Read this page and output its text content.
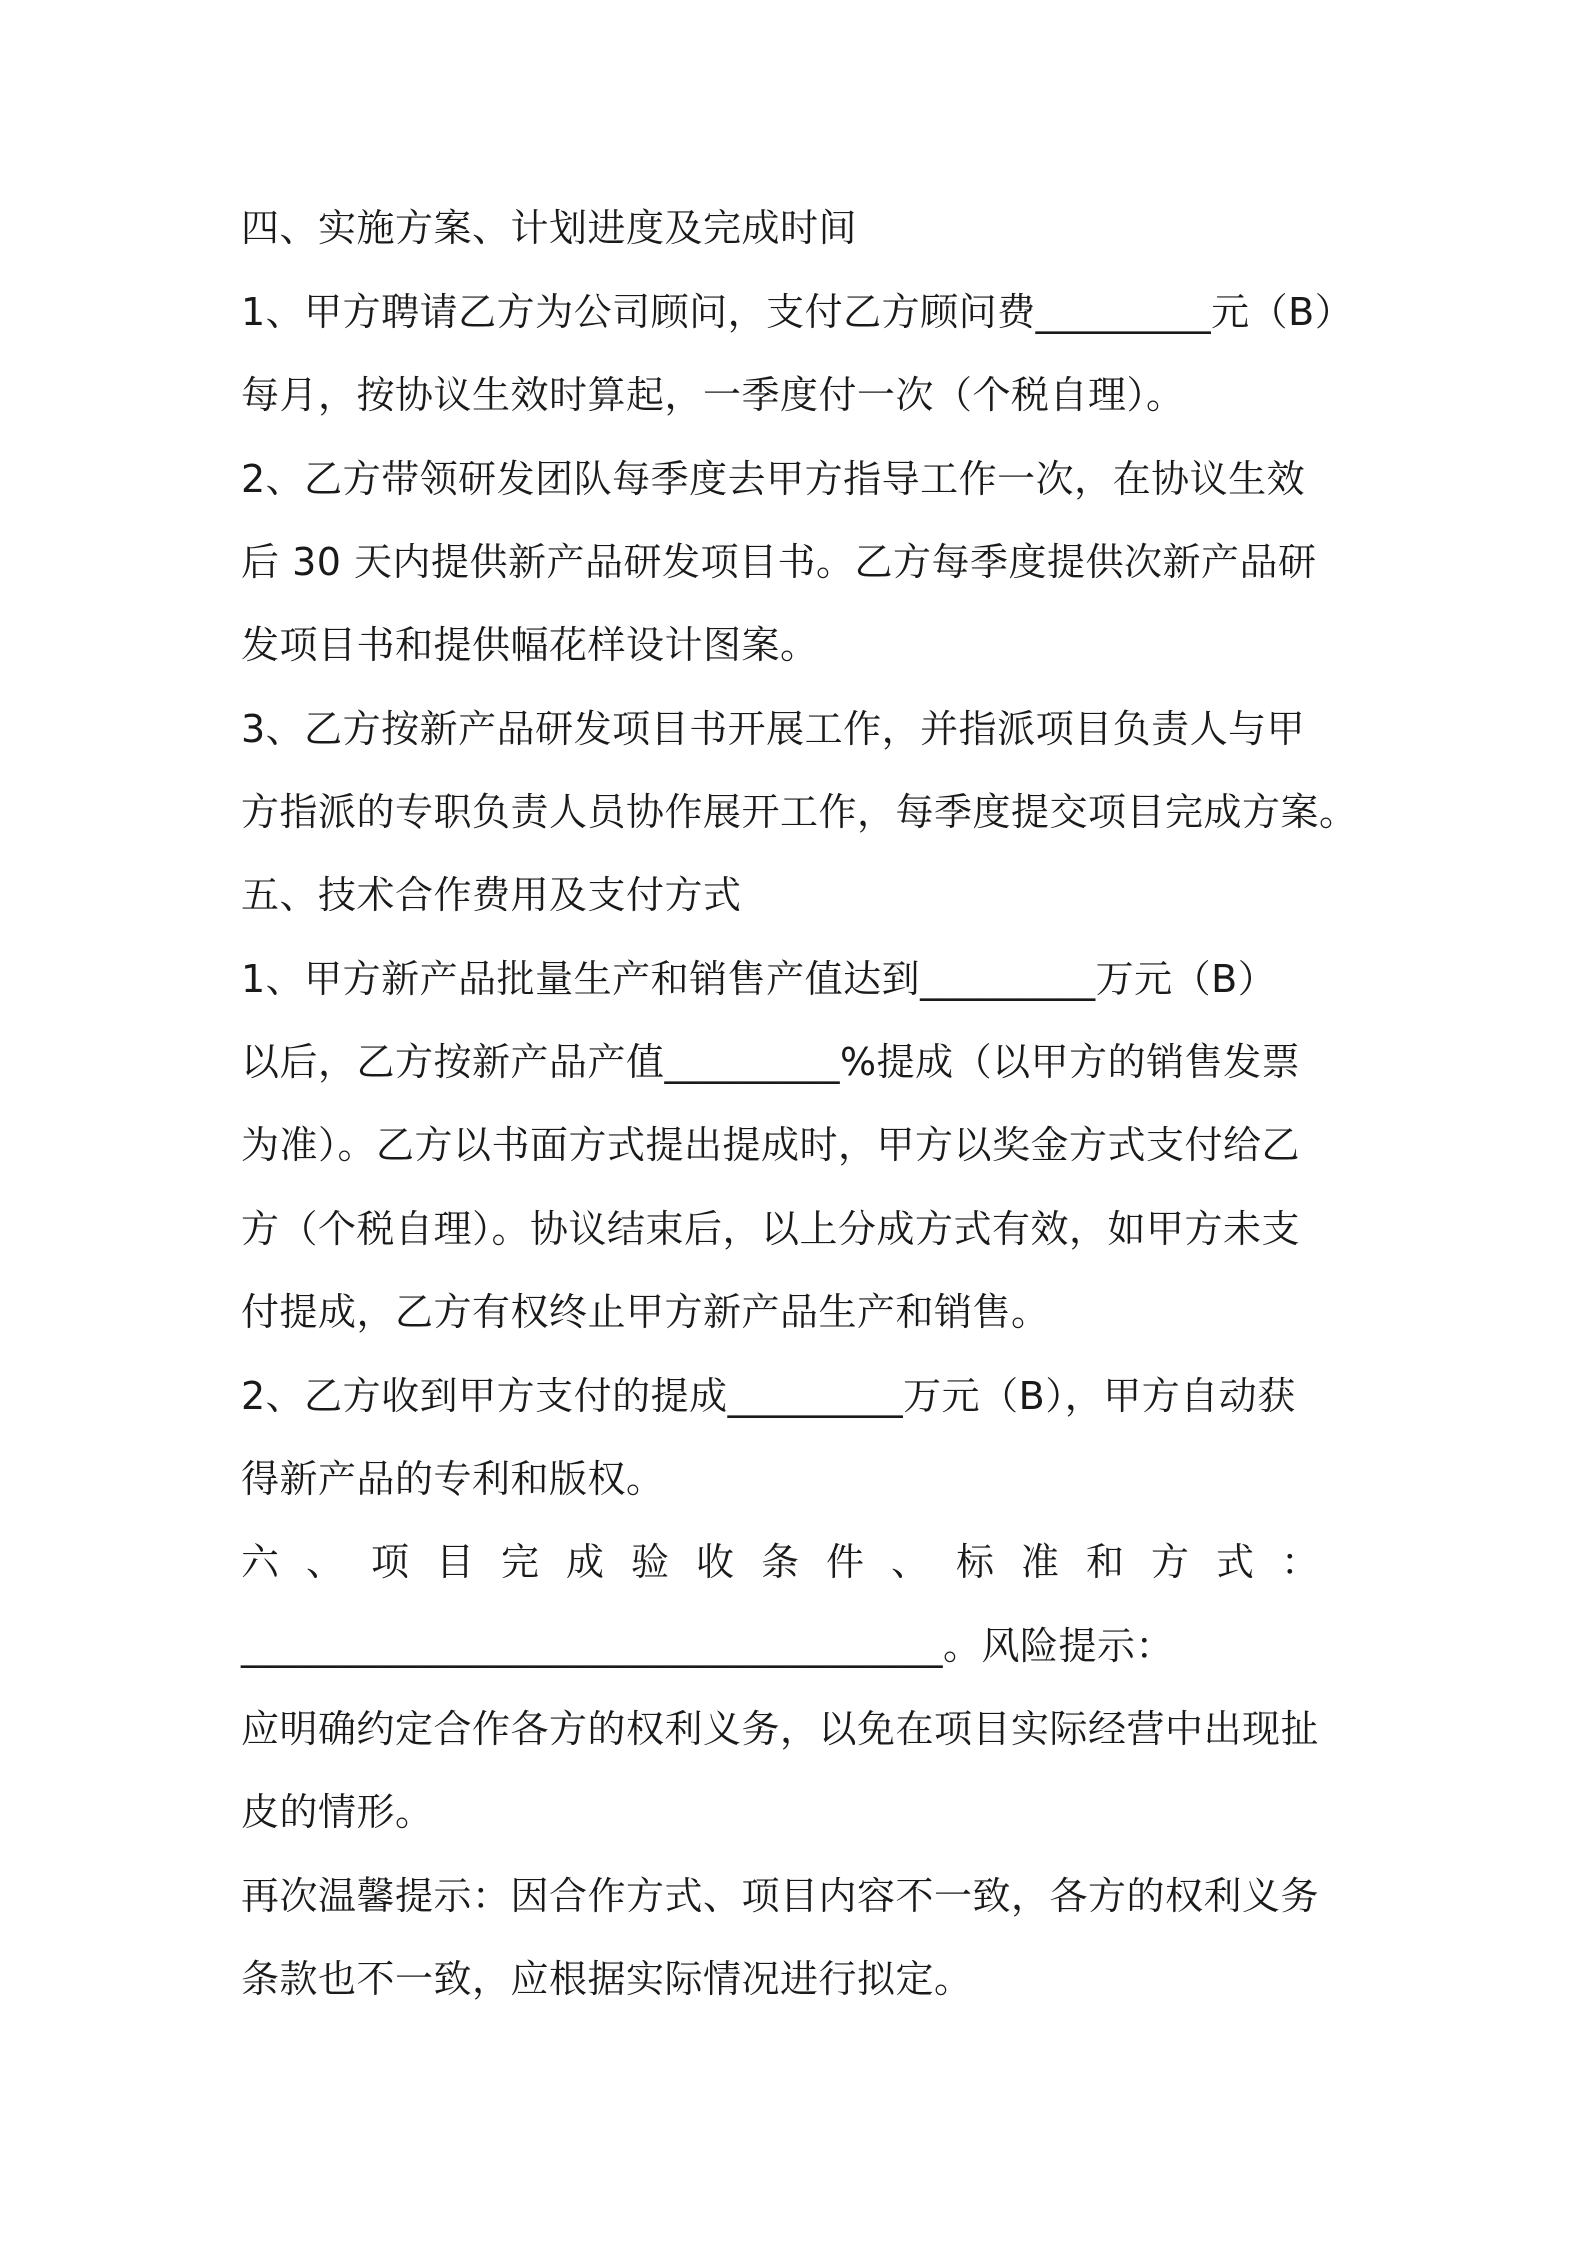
四、实施方案、计划进度及完成时间
1、甲方聘请乙方为公司顾问，支付乙方顾问费_________元（B）
每月，按协议生效时算起，一季度付一次（个税自理）。
2、乙方带领研发团队每季度去甲方指导工作一次，在协议生效
后 30 天内提供新产品研发项目书。乙方每季度提供次新产品研
发项目书和提供幅花样设计图案。
3、乙方按新产品研发项目书开展工作，并指派项目负责人与甲
方指派的专职负责人员协作展开工作，每季度提交项目完成方案。
五、技术合作费用及支付方式
1、甲方新产品批量生产和销售产值达到_________万元（B）
以后，乙方按新产品产值_________%提成（以甲方的销售发票
为准）。乙方以书面方式提出提成时，甲方以奖金方式支付给乙
方（个税自理）。协议结束后，以上分成方式有效，如甲方未支
付提成，乙方有权终止甲方新产品生产和销售。
2、乙方收到甲方支付的提成_________万元（B），甲方自动获
得新产品的专利和版权。
六、项目完成验收条件、标准和方式：
____________________________________。风险提示：
应明确约定合作各方的权利义务，以免在项目实际经营中出现扯
皮的情形。
再次温馨提示：因合作方式、项目内容不一致，各方的权利义务
条款也不一致，应根据实际情况进行拟定。
